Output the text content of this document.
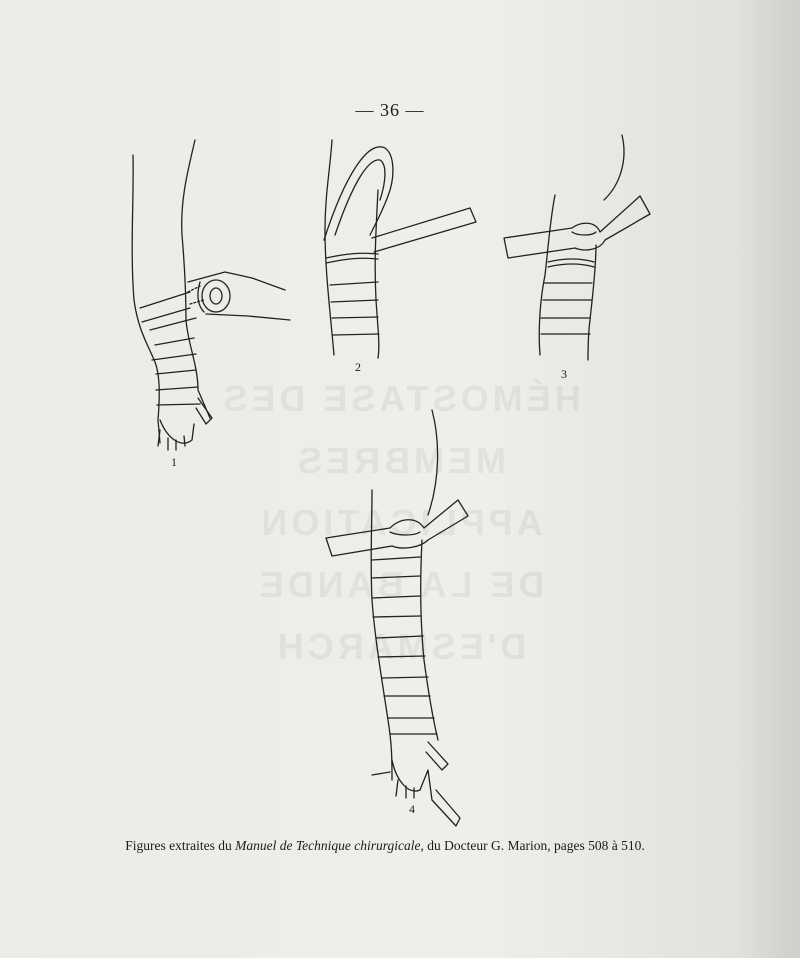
— 36 —
HÉMOSTASE DES MEMBRES
APPLICATION
DE LA BANDE D'ESMARCH
1
2	3
4
Figures extraites du Manuel de Technique chirurgicale, du Docteur G. Marion, pages 508 à 510.
